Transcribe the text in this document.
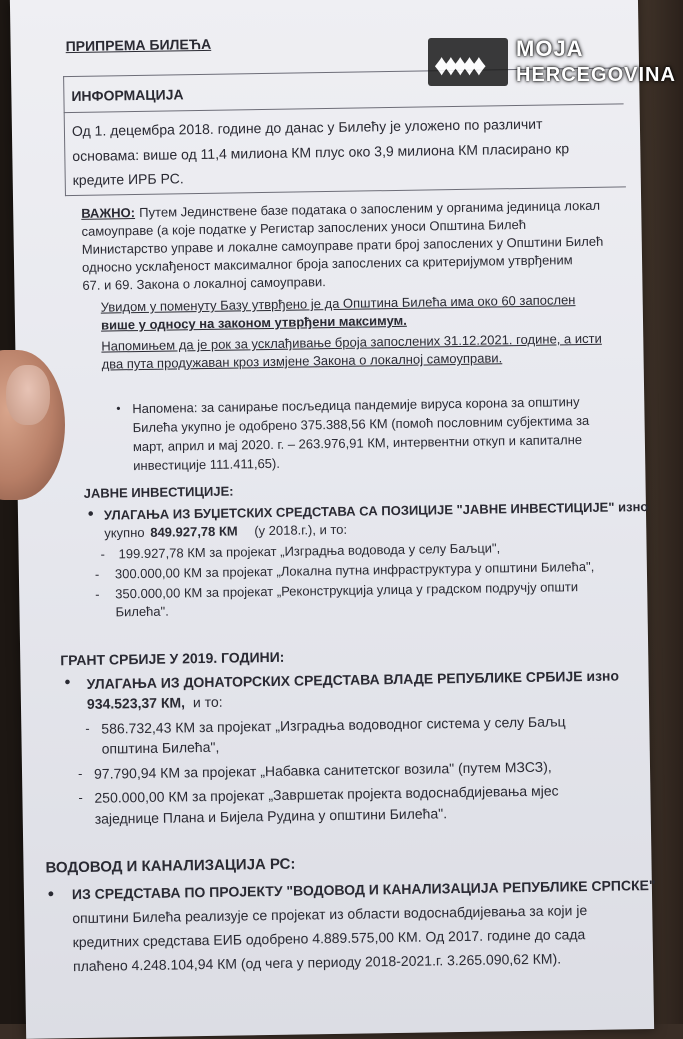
ПРИПРЕМА БИЛЕЋА
ИНФОРМАЦИЈА
Од 1. децембра 2018. године до данас у Билећу је уложено по различит
основама: више од 11,4 милиона КМ плус око 3,9 милиона КМ пласирано кр
кредите ИРБ РС.
ВАЖНО: Путем Јединствене базе података о запосленим у органима јединица локал
самоуправе (а које податке у Регистар запослених уноси Општина Билећ
Министарство управе и локалне самоуправе прати број запослених у Општини Билећ
односно усклађеност максималног броја запослених са критеријумом утврђеним
67. и 69. Закона о локалној самоуправи.
Увидом у поменуту Базу утврђено је да Општина Билећа има око 60 запослен
више у односу на законом утврђени максимум.
Напомињем да је рок за усклађивање броја запослених 31.12.2021. године, а исти
два пута продужаван кроз измјене Закона о локалној самоуправи.
• Напомена: за санирање посљедица пандемије вируса корона за општину
Билећа укупно је одобрено 375.388,56 КМ (помоћ пословним субјектима за
март, април и мај 2020. г. – 263.976,91 КМ, интервентни откуп и капиталне
инвестиције 111.411,65).
ЈАВНЕ ИНВЕСТИЦИЈЕ:
• УЛАГАЊА ИЗ БУЏЕТСКИХ СРЕДСТАВА СА ПОЗИЦИЈЕ "ЈАВНЕ ИНВЕСТИЦИЈЕ" изно
укупно 849.927,78 КМ (у 2018.г.), и то:
- 199.927,78 КМ за пројекат „Изградња водовода у селу Баљци",
- 300.000,00 КМ за пројекат „Локална путна инфраструктура у општини Билећа",
- 350.000,00 КМ за пројекат „Реконструкција улица у градском подручју општи
Билећа".
ГРАНТ СРБИЈЕ У 2019. ГОДИНИ:
• УЛАГАЊА ИЗ ДОНАТОРСКИХ СРЕДСТАВА ВЛАДЕ РЕПУБЛИКЕ СРБИЈЕ изно
934.523,37 КМ, и то:
- 586.732,43 КМ за пројекат „Изградња водоводног система у селу Баљц
општина Билећа",
- 97.790,94 КМ за пројекат „Набавка санитетског возила" (путем МЗСЗ),
- 250.000,00 КМ за пројекат „Завршетак пројекта водоснабдијевања мјес
заједнице Плана и Бијела Рудина у општини Билећа".
ВОДОВОД И КАНАЛИЗАЦИЈА РС:
• ИЗ СРЕДСТАВА ПО ПРОЈЕКТУ "ВОДОВОД И КАНАЛИЗАЦИЈА РЕПУБЛИКЕ СРПСКЕ"
општини Билећа реализује се пројекат из области водоснабдијевања за који је
кредитних средстава ЕИБ одобрено 4.889.575,00 КМ. Од 2017. године до сада
плаћено 4.248.104,94 КМ (од чега у периоду 2018-2021.г. 3.265.090,62 КМ).
♦♦♦♦♦
MOJA
HERCEGOVINA
